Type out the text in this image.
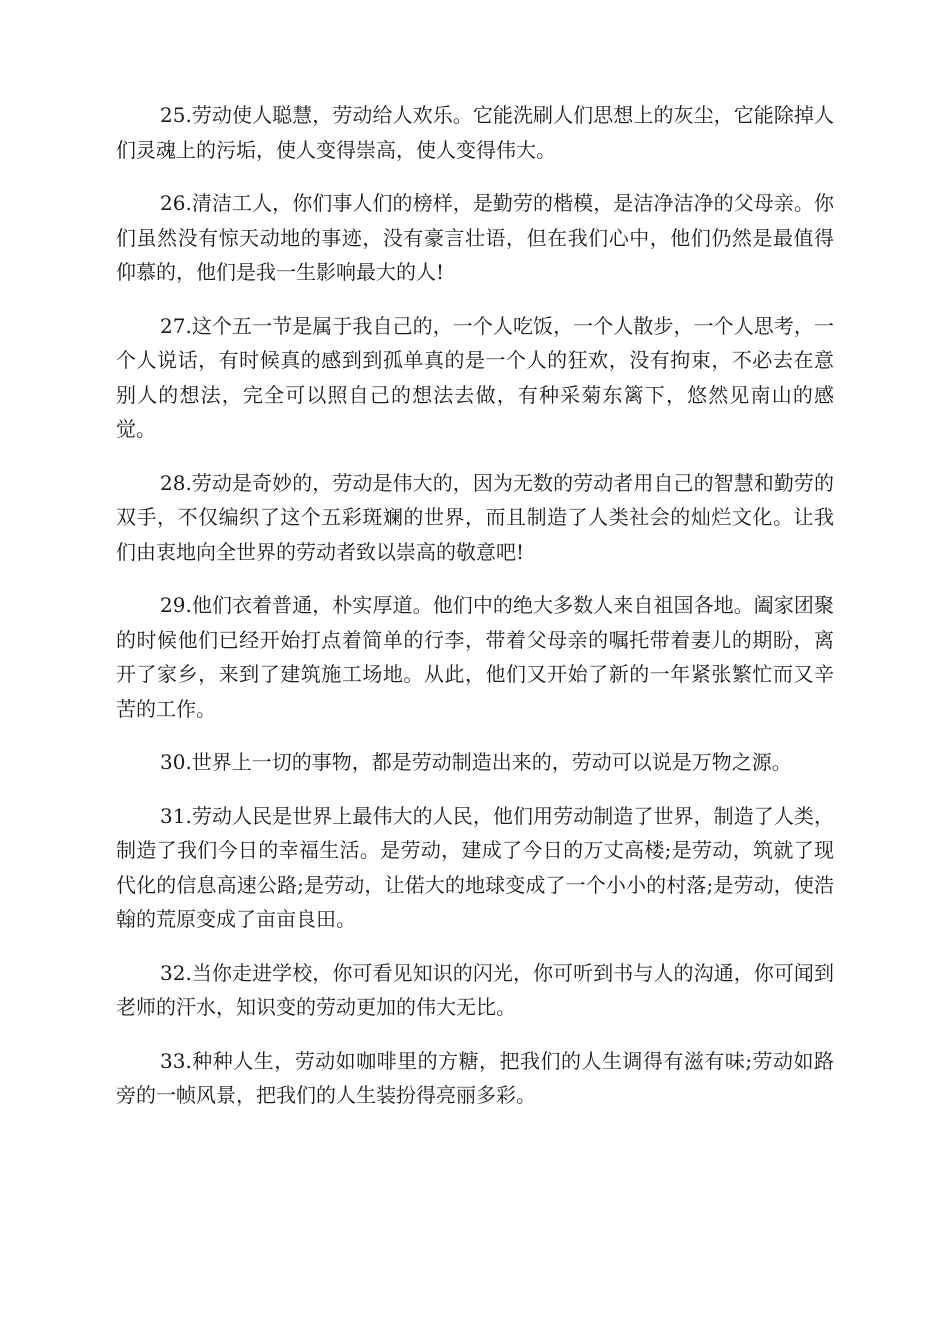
25.劳动使人聪慧，劳动给人欢乐。它能洗刷人们思想上的灰尘，它能除掉人们灵魂上的污垢，使人变得崇高，使人变得伟大。

26.清洁工人，你们事人们的榜样，是勤劳的楷模，是洁净洁净的父母亲。你们虽然没有惊天动地的事迹，没有豪言壮语，但在我们心中，他们仍然是最值得仰慕的，他们是我一生影响最大的人!

27.这个五一节是属于我自己的，一个人吃饭，一个人散步，一个人思考，一个人说话，有时候真的感到到孤单真的是一个人的狂欢，没有拘束，不必去在意别人的想法，完全可以照自己的想法去做，有种采菊东篱下，悠然见南山的感觉。

28.劳动是奇妙的，劳动是伟大的，因为无数的劳动者用自己的智慧和勤劳的双手，不仅编织了这个五彩斑斓的世界，而且制造了人类社会的灿烂文化。让我们由衷地向全世界的劳动者致以崇高的敬意吧!

29.他们衣着普通，朴实厚道。他们中的绝大多数人来自祖国各地。阖家团聚的时候他们已经开始打点着简单的行李，带着父母亲的嘱托带着妻儿的期盼，离开了家乡，来到了建筑施工场地。从此，他们又开始了新的一年紧张繁忙而又辛苦的工作。

30.世界上一切的事物，都是劳动制造出来的，劳动可以说是万物之源。

31.劳动人民是世界上最伟大的人民，他们用劳动制造了世界，制造了人类，制造了我们今日的幸福生活。是劳动，建成了今日的万丈高楼;是劳动，筑就了现代化的信息高速公路;是劳动，让偌大的地球变成了一个小小的村落;是劳动，使浩翰的荒原变成了亩亩良田。

32.当你走进学校，你可看见知识的闪光，你可听到书与人的沟通，你可闻到老师的汗水，知识变的劳动更加的伟大无比。

33.种种人生，劳动如咖啡里的方糖，把我们的人生调得有滋有味;劳动如路旁的一帧风景，把我们的人生装扮得亮丽多彩。
